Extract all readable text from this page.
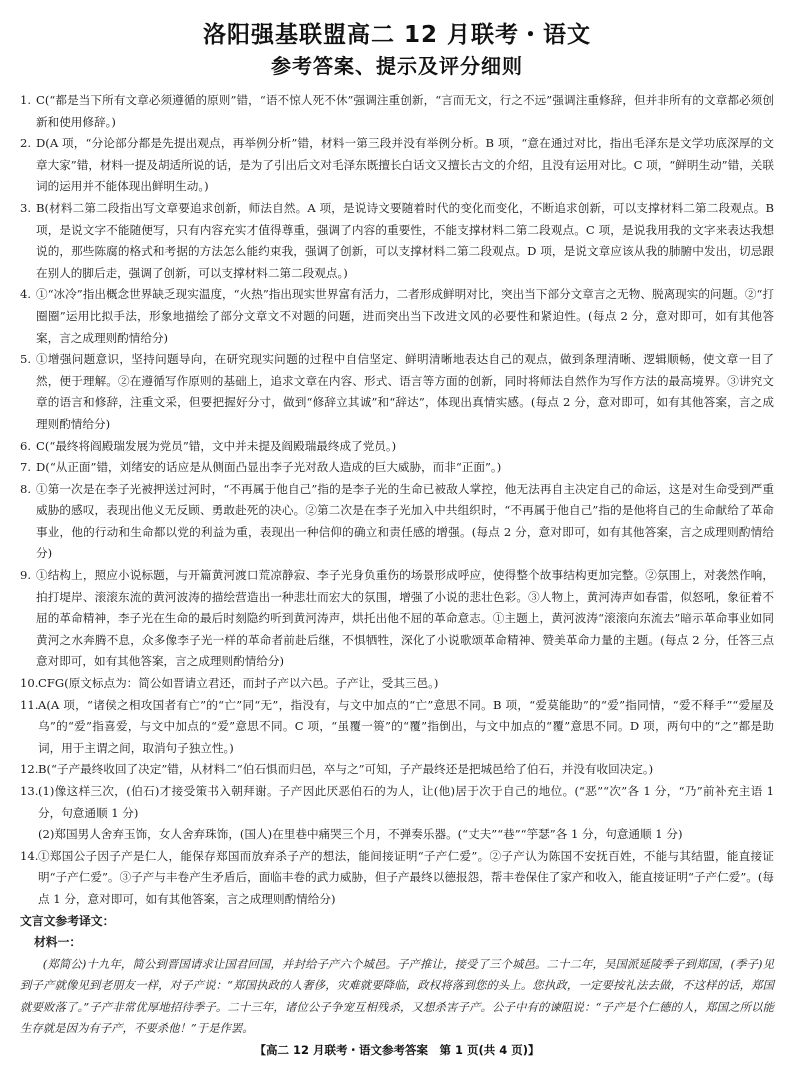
洛阳强基联盟高二 12 月联考・语文
参考答案、提示及评分细则
1. C(“都是当下所有文章必须遵循的原则”错，“语不惊人死不休”强调注重创新，“言而无文，行之不远”强调注重修辞，但并非所有的文章都必须创新和使用修辞。)
2. D(A 项，“分论部分都是先提出观点，再举例分析”错，材料一第三段并没有举例分析。B 项，“意在通过对比，指出毛泽东是文学功底深厚的文章大家”错，材料一提及胡适所说的话，是为了引出后文对毛泽东既擅长白话文又擅长古文的介绍，且没有运用对比。C 项，“鲜明生动”错，关联词的运用并不能体现出鲜明生动。)
3. B(材料二第二段指出写文章要追求创新，师法自然。A 项，是说诗文要随着时代的变化而变化，不断追求创新，可以支撑材料二第二段观点。B 项，是说文字不能随便写，只有内容充实才值得尊重，强调了内容的重要性，不能支撑材料二第二段观点。C 项，是说我用我的文字来表达我想说的，那些陈腐的格式和考据的方法怎么能约束我，强调了创新，可以支撑材料二第二段观点。D 项，是说文章应该从我的肺腑中发出，切忌跟在别人的脚后走，强调了创新，可以支撑材料二第二段观点。)
4. ①“冰冷”指出概念世界缺乏现实温度，“火热”指出现实世界富有活力，二者形成鲜明对比，突出当下部分文章言之无物、脱离现实的问题。②“打圈圈”运用比拟手法，形象地描绘了部分文章文不对题的问题，进而突出当下改进文风的必要性和紧迫性。(每点 2 分，意对即可，如有其他答案，言之成理则酌情给分)
5. ①增强问题意识，坚持问题导向，在研究现实问题的过程中自信坚定、鲜明清晰地表达自己的观点，做到条理清晰、逻辑顺畅，使文章一目了然，便于理解。②在遵循写作原则的基础上，追求文章在内容、形式、语言等方面的创新，同时将师法自然作为写作方法的最高境界。③讲究文章的语言和修辞，注重文采，但要把握好分寸，做到“修辞立其诚”和“辞达”，体现出真情实感。(每点 2 分，意对即可，如有其他答案，言之成理则酌情给分)
6. C(“最终将阎殿瑞发展为党员”错，文中并未提及阎殿瑞最终成了党员。)
7. D(“从正面”错，刘绪安的话应是从侧面凸显出李子光对敌人造成的巨大威胁，而非“正面”。)
8. ①第一次是在李子光被押送过河时，“不再属于他自己”指的是李子光的生命已被敌人掌控，他无法再自主决定自己的命运，这是对生命受到严重威胁的感叹，表现出他义无反顾、勇敢赴死的决心。②第二次是在李子光加入中共组织时，“不再属于他自己”指的是他将自己的生命献给了革命事业，他的行动和生命都以党的利益为重，表现出一种信仰的确立和责任感的增强。(每点 2 分，意对即可，如有其他答案，言之成理则酌情给分)
9. ①结构上，照应小说标题，与开篇黄河渡口荒凉静寂、李子光身负重伤的场景形成呼应，使得整个故事结构更加完整。②氛围上，对袭然作响，拍打堤岸、滚滚东流的黄河波涛的描绘营造出一种悲壮而宏大的氛围，增强了小说的悲壮色彩。③人物上，黄河涛声如春雷，似怒吼，象征着不屈的革命精神，李子光在生命的最后时刻隐约听到黄河涛声，烘托出他不屈的革命意志。①主题上，黄河波涛“滚滚向东流去”暗示革命事业如同黄河之水奔腾不息，众多像李子光一样的革命者前赴后继，不惧牺牲，深化了小说歌颂革命精神、赞美革命力量的主题。(每点 2 分，任答三点意对即可，如有其他答案，言之成理则酌情给分)
10. CFG(原文标点为：简公如晋请立君还，而封子产以六邑。子产让，受其三邑。)
11. A(A 项，“诸侯之相攻国者有亡”的“亡”同“无”，指没有，与文中加点的“亡”意思不同。B 项，“爱莫能助”的“爱”指同情，“爱不释手”“爱屋及乌”的“爱”指喜爱，与文中加点的“爱”意思不同。C 项，“虽覆一篑”的“覆”指倒出，与文中加点的“覆”意思不同。D 项，两句中的“之”都是助词，用于主谓之间，取消句子独立性。)
12. B(“子产最终收回了决定”错，从材料二“伯石惧而归邑，卒与之”可知，子产最终还是把城邑给了伯石，并没有收回决定。)
13. (1)像这样三次，(伯石)才接受策书入朝拜谢。子产因此厌恶伯石的为人，让(他)居于次于自己的地位。(“恶”“次”各 1 分，“乃”前补充主语 1 分，句意通顺 1 分)

(2)郑国男人舍弃玉饰，女人舍弃珠饰，(国人)在里巷中痛哭三个月，不弹奏乐器。(“丈夫”“巷”“竽瑟”各 1 分，句意通顺 1 分)

14. ①郑国公子因子产是仁人，能保存郑国而放弃杀子产的想法，能间接证明“子产仁爱”。②子产认为陈国不安抚百姓，不能与其结盟，能直接证明“子产仁爱”。③子产与丰卷产生矛盾后，面临丰卷的武力威胁，但子产最终以德报怨，帮丰卷保住了家产和收入，能直接证明“子产仁爱”。(每点 1 分，意对即可，如有其他答案，言之成理则酌情给分)

文言文参考译文：

材料一：

(郑简公)十九年，简公到晋国请求让国君回国，并封给子产六个城邑。子产推让，接受了三个城邑。二十二年，吴国派延陵季子到郑国，(季子)见到子产就像见到老朋友一样，对子产说：“郑国执政的人奢侈，灾难就要降临，政权将落到您的头上。您执政，一定要按礼法去做，不这样的话，郑国就要败落了。”子产非常优厚地招待季子。二十三年，诸位公子争宠互相残杀，又想杀害子产。公子中有的谏阻说：“子产是个仁德的人，郑国之所以能生存就是因为有子产，不要杀他！”于是作罢。

【高二 12 月联考・语文参考答案　第 1 页(共 4 页)】
